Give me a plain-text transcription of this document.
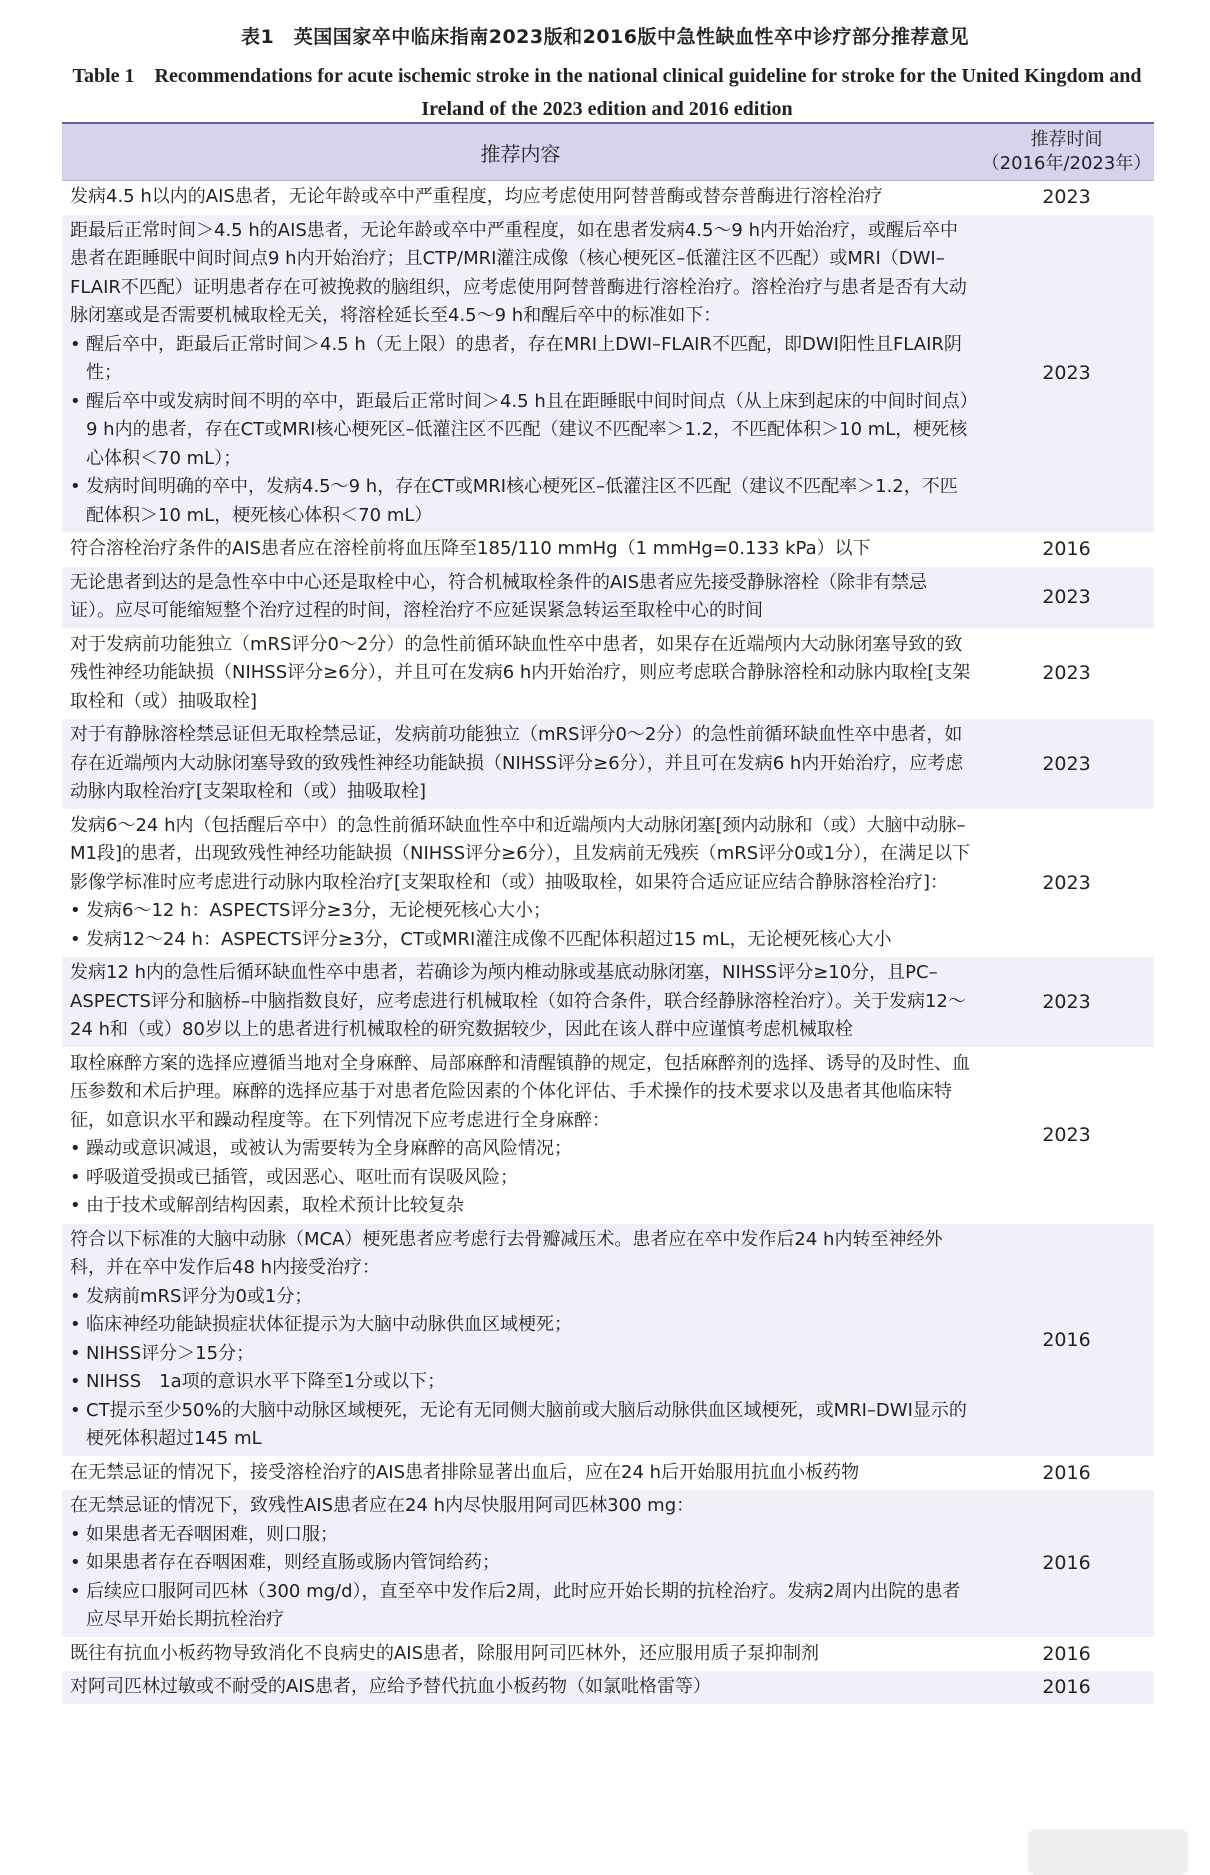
表1　英国国家卒中临床指南2023版和2016版中急性缺血性卒中诊疗部分推荐意见
Table 1　Recommendations for acute ischemic stroke in the national clinical guideline for stroke for the United Kingdom and Ireland of the 2023 edition and 2016 edition
推荐内容
推荐时间
（2016年/2023年）
发病4.5 h以内的AIS患者，无论年龄或卒中严重程度，均应考虑使用阿替普酶或替奈普酶进行溶栓治疗	2023
距最后正常时间＞4.5 h的AIS患者，无论年龄或卒中严重程度，如在患者发病4.5～9 h内开始治疗，或醒后卒中患者在距睡眠中间时间点9 h内开始治疗；且CTP/MRI灌注成像（核心梗死区–低灌注区不匹配）或MRI（DWI–FLAIR不匹配）证明患者存在可被挽救的脑组织，应考虑使用阿替普酶进行溶栓治疗。溶栓治疗与患者是否有大动脉闭塞或是否需要机械取栓无关，将溶栓延长至4.5～9 h和醒后卒中的标准如下：
• 醒后卒中，距最后正常时间＞4.5 h（无上限）的患者，存在MRI上DWI–FLAIR不匹配，即DWI阳性且FLAIR阴性；
• 醒后卒中或发病时间不明的卒中，距最后正常时间＞4.5 h且在距睡眠中间时间点（从上床到起床的中间时间点）9 h内的患者，存在CT或MRI核心梗死区–低灌注区不匹配（建议不匹配率＞1.2，不匹配体积＞10 mL，梗死核心体积＜70 mL）；
• 发病时间明确的卒中，发病4.5～9 h，存在CT或MRI核心梗死区–低灌注区不匹配（建议不匹配率＞1.2，不匹配体积＞10 mL，梗死核心体积＜70 mL）
2023
符合溶栓治疗条件的AIS患者应在溶栓前将血压降至185/110 mmHg（1 mmHg=0.133 kPa）以下	2016
无论患者到达的是急性卒中中心还是取栓中心，符合机械取栓条件的AIS患者应先接受静脉溶栓（除非有禁忌证）。应尽可能缩短整个治疗过程的时间，溶栓治疗不应延误紧急转运至取栓中心的时间
2023
对于发病前功能独立（mRS评分0～2分）的急性前循环缺血性卒中患者，如果存在近端颅内大动脉闭塞导致的致残性神经功能缺损（NIHSS评分≥6分），并且可在发病6 h内开始治疗，则应考虑联合静脉溶栓和动脉内取栓[支架取栓和（或）抽吸取栓]
2023
对于有静脉溶栓禁忌证但无取栓禁忌证，发病前功能独立（mRS评分0～2分）的急性前循环缺血性卒中患者，如存在近端颅内大动脉闭塞导致的致残性神经功能缺损（NIHSS评分≥6分），并且可在发病6 h内开始治疗，应考虑动脉内取栓治疗[支架取栓和（或）抽吸取栓]
2023
发病6～24 h内（包括醒后卒中）的急性前循环缺血性卒中和近端颅内大动脉闭塞[颈内动脉和（或）大脑中动脉–M1段]的患者，出现致残性神经功能缺损（NIHSS评分≥6分），且发病前无残疾（mRS评分0或1分），在满足以下影像学标准时应考虑进行动脉内取栓治疗[支架取栓和（或）抽吸取栓，如果符合适应证应结合静脉溶栓治疗]：
• 发病6～12 h：ASPECTS评分≥3分，无论梗死核心大小；
• 发病12～24 h：ASPECTS评分≥3分，CT或MRI灌注成像不匹配体积超过15 mL，无论梗死核心大小
2023
发病12 h内的急性后循环缺血性卒中患者，若确诊为颅内椎动脉或基底动脉闭塞，NIHSS评分≥10分，且PC–ASPECTS评分和脑桥–中脑指数良好，应考虑进行机械取栓（如符合条件，联合经静脉溶栓治疗）。关于发病12～24 h和（或）80岁以上的患者进行机械取栓的研究数据较少，因此在该人群中应谨慎考虑机械取栓
2023
取栓麻醉方案的选择应遵循当地对全身麻醉、局部麻醉和清醒镇静的规定，包括麻醉剂的选择、诱导的及时性、血压参数和术后护理。麻醉的选择应基于对患者危险因素的个体化评估、手术操作的技术要求以及患者其他临床特征，如意识水平和躁动程度等。在下列情况下应考虑进行全身麻醉：
• 躁动或意识减退，或被认为需要转为全身麻醉的高风险情况；
• 呼吸道受损或已插管，或因恶心、呕吐而有误吸风险；
• 由于技术或解剖结构因素，取栓术预计比较复杂
2023
符合以下标准的大脑中动脉（MCA）梗死患者应考虑行去骨瓣减压术。患者应在卒中发作后24 h内转至神经外科，并在卒中发作后48 h内接受治疗：
• 发病前mRS评分为0或1分；
• 临床神经功能缺损症状体征提示为大脑中动脉供血区域梗死；
• NIHSS评分＞15分；
• NIHSS　1a项的意识水平下降至1分或以下；
• CT提示至少50%的大脑中动脉区域梗死，无论有无同侧大脑前或大脑后动脉供血区域梗死，或MRI–DWI显示的梗死体积超过145 mL
2016
在无禁忌证的情况下，接受溶栓治疗的AIS患者排除显著出血后，应在24 h后开始服用抗血小板药物	2016
在无禁忌证的情况下，致残性AIS患者应在24 h内尽快服用阿司匹林300 mg：
• 如果患者无吞咽困难，则口服；
• 如果患者存在吞咽困难，则经直肠或肠内管饲给药；
• 后续应口服阿司匹林（300 mg/d），直至卒中发作后2周，此时应开始长期的抗栓治疗。发病2周内出院的患者应尽早开始长期抗栓治疗
2016
既往有抗血小板药物导致消化不良病史的AIS患者，除服用阿司匹林外，还应服用质子泵抑制剂	2016
对阿司匹林过敏或不耐受的AIS患者，应给予替代抗血小板药物（如氯吡格雷等）	2016
